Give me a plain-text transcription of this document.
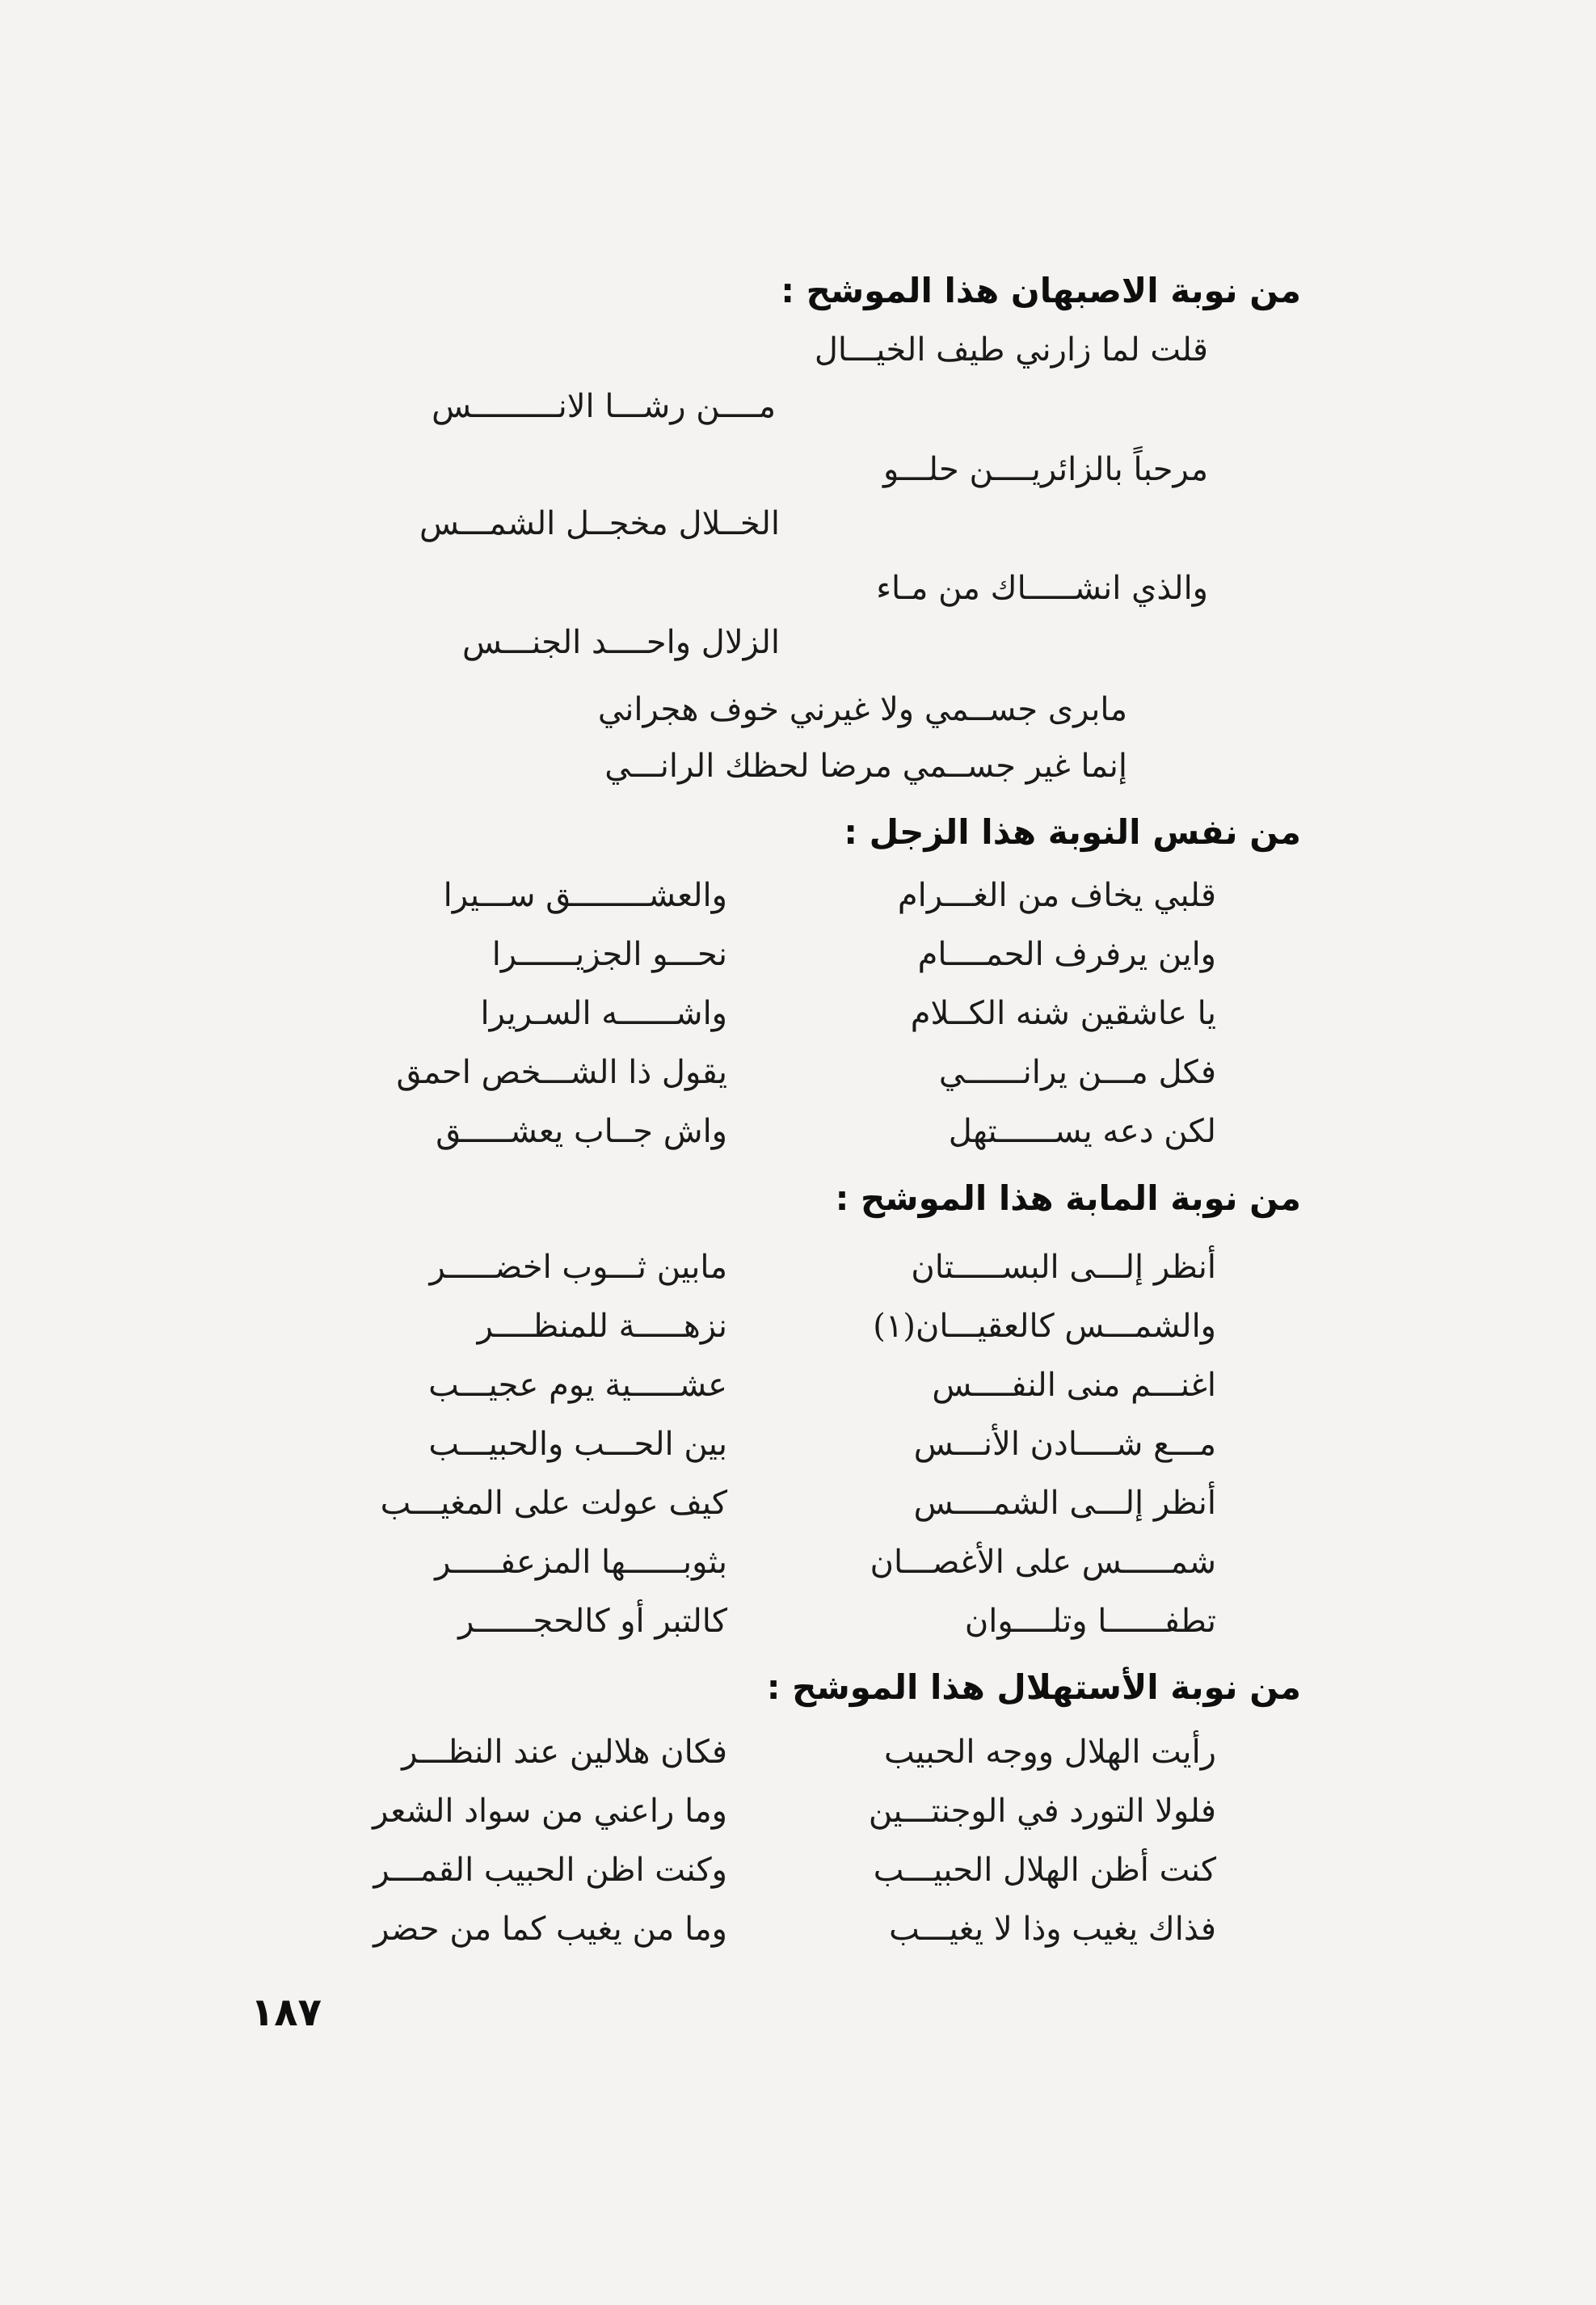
من نوبة الاصبهان هذا الموشح :
قلت لما زارني طيف الخيـــال
مــــن رشـــا الانـــــــــس
مرحباً بالزائريــــن حلـــو
الخــلال مخجــل الشمـــس
والذي انشـــــاك من مـاء
الزلال واحــــد الجنـــس
مابرى جســمي ولا غيرني خوف هجراني
إنما غير جســمي مرضا لحظك الرانـــي
من نفس النوبة هذا الزجل :
قلبي يخاف من الغـــرام
والعشــــــــق ســـيرا
واين يرفرف الحمــــام
نحـــو الجزيــــــرا
يا عاشقين شنه الكــلام
واشــــــه السـريرا
فكل مـــن يرانــــــي
يقول ذا الشـــخص احمق
لكن دعه يســــــتهل
واش جــاب يعشـــــق
من نوبة المابة هذا الموشح :
أنظر إلـــى البســـــتان
مابين ثـــوب اخضـــــر
والشمـــس كالعقيـــان(١)
نزهـــــة للمنظــــر
اغنـــم منى النفــــس
عشـــــية يوم عجيـــب
مـــع شــــادن الأنـــس
بين الحـــب والحبيـــب
أنظر إلـــى الشمــــس
كيف عولت على المغيـــب
شمـــــس على الأغصـــان
بثوبــــــها المزعفـــــر
تطفــــــا وتلــــوان
كالتبر أو كالحجــــــر
من نوبة الأستهلال هذا الموشح :
رأيت الهلال ووجه الحبيب
فكان هلالين عند النظـــر
فلولا التورد في الوجنتـــين
وما راعني من سواد الشعر
كنت أظن الهلال الحبيـــب
وكنت اظن الحبيب القمـــر
فذاك يغيب وذا لا يغيـــب
وما من يغيب كما من حضر
١٨٧
